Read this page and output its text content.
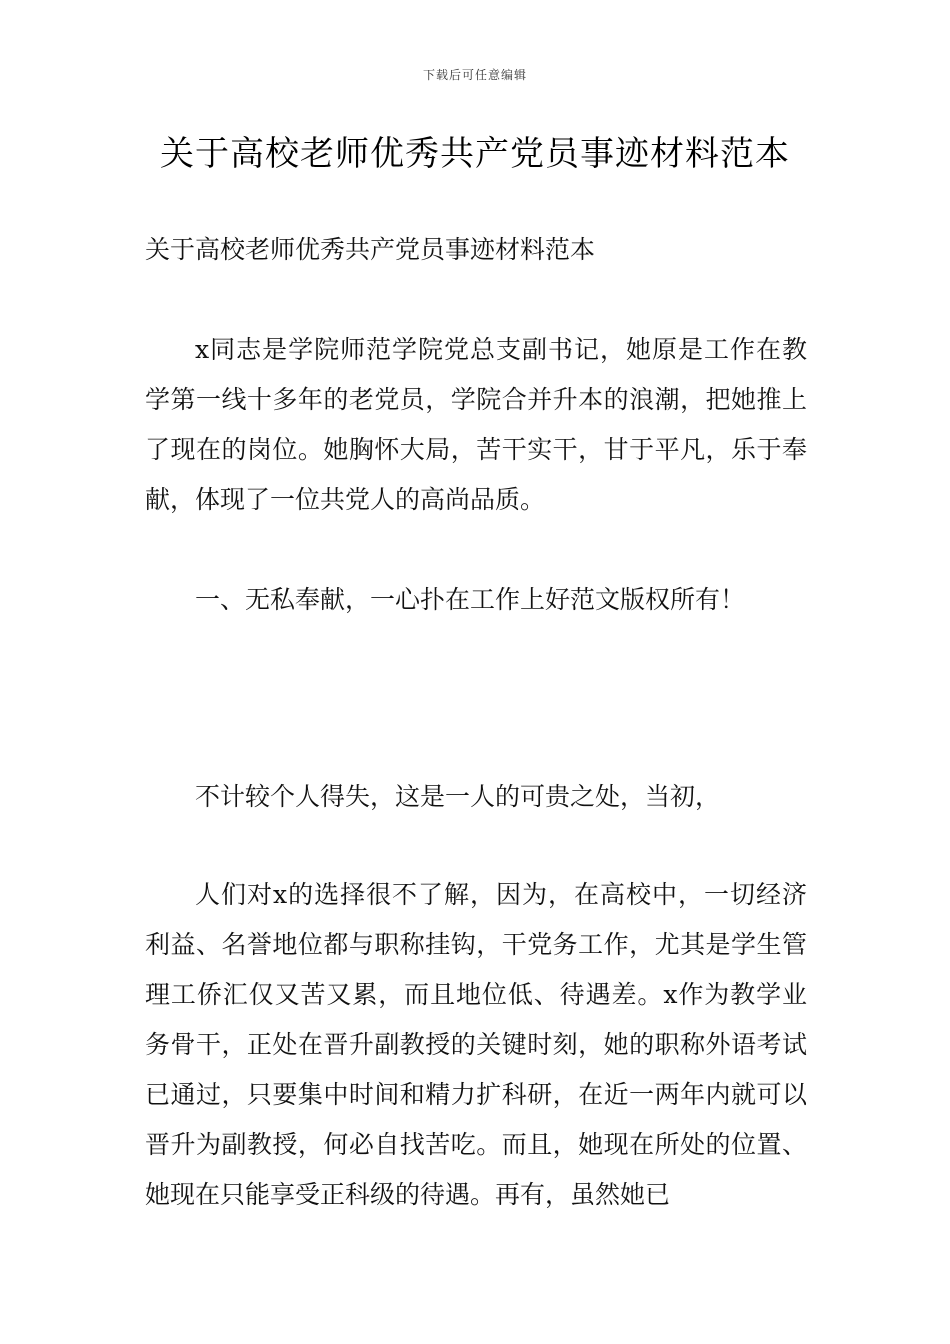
下载后可任意编辑
关于高校老师优秀共产党员事迹材料范本

关于高校老师优秀共产党员事迹材料范本

x同志是学院师范学院党总支副书记，她原是工作在教学第一线十多年的老党员，学院合并升本的浪潮，把她推上了现在的岗位。她胸怀大局，苦干实干，甘于平凡，乐于奉献，体现了一位共党人的高尚品质。

一、无私奉献，一心扑在工作上好范文版权所有！

不计较个人得失，这是一人的可贵之处，当初，

人们对x的选择很不了解，因为，在高校中，一切经济利益、名誉地位都与职称挂钩，干党务工作，尤其是学生管理工侨汇仅又苦又累，而且地位低、待遇差。x作为教学业务骨干，正处在晋升副教授的关键时刻，她的职称外语考试已通过，只要集中时间和精力扩科研，在近一两年内就可以晋升为副教授，何必自找苦吃。而且，她现在所处的位置、她现在只能享受正科级的待遇。再有，虽然她已
